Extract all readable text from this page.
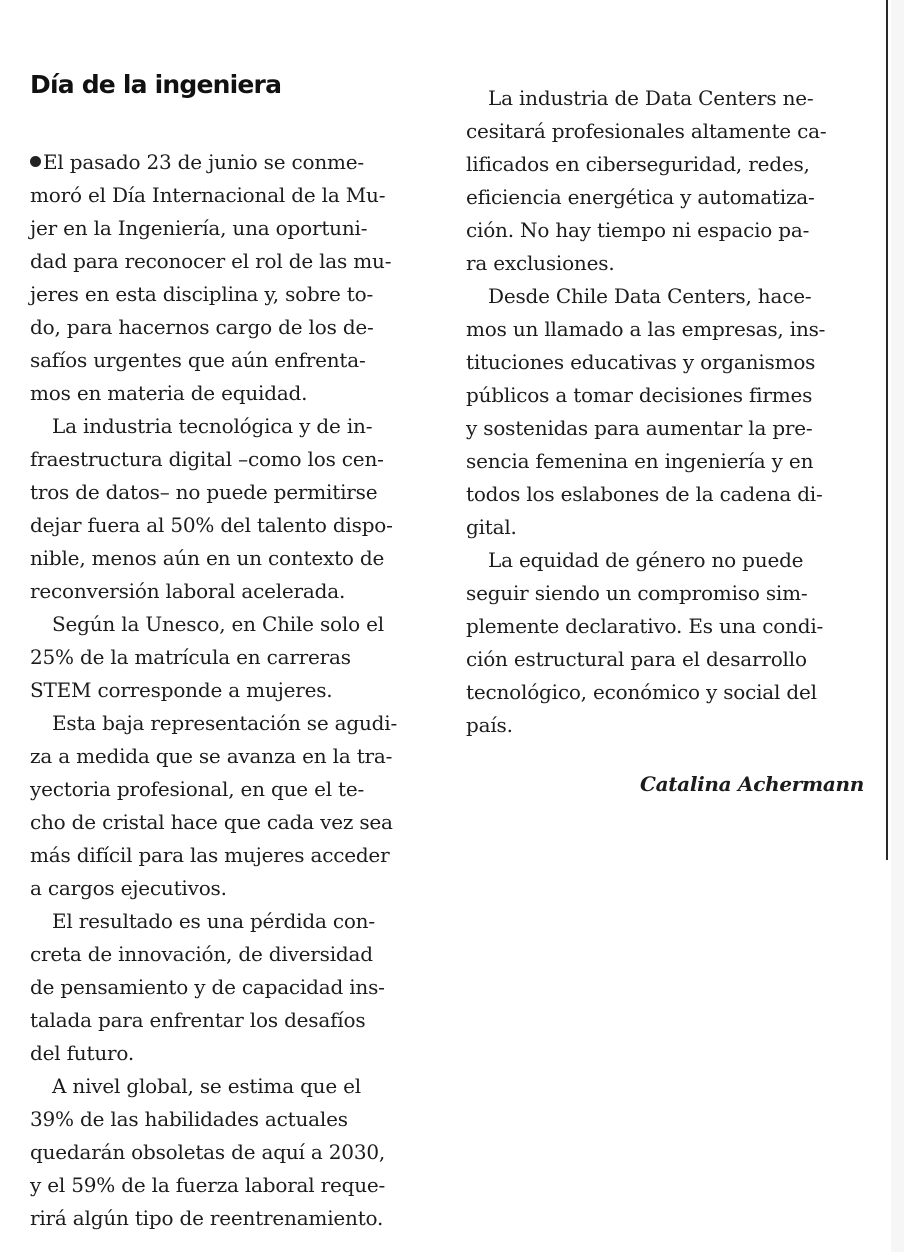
Día de la ingeniera
El pasado 23 de junio se conme-
moró el Día Internacional de la Mu-
jer en la Ingeniería, una oportuni-
dad para reconocer el rol de las mu-
jeres en esta disciplina y, sobre to-
do, para hacernos cargo de los de-
safíos urgentes que aún enfrenta-
mos en materia de equidad.
La industria tecnológica y de in-
fraestructura digital –como los cen-
tros de datos– no puede permitirse
dejar fuera al 50% del talento dispo-
nible, menos aún en un contexto de
reconversión laboral acelerada.
Según la Unesco, en Chile solo el
25% de la matrícula en carreras
STEM corresponde a mujeres.
Esta baja representación se agudi-
za a medida que se avanza en la tra-
yectoria profesional, en que el te-
cho de cristal hace que cada vez sea
más difícil para las mujeres acceder
a cargos ejecutivos.
El resultado es una pérdida con-
creta de innovación, de diversidad
de pensamiento y de capacidad ins-
talada para enfrentar los desafíos
del futuro.
A nivel global, se estima que el
39% de las habilidades actuales
quedarán obsoletas de aquí a 2030,
y el 59% de la fuerza laboral reque-
rirá algún tipo de reentrenamiento.
La industria de Data Centers ne-
cesitará profesionales altamente ca-
lificados en ciberseguridad, redes,
eficiencia energética y automatiza-
ción. No hay tiempo ni espacio pa-
ra exclusiones.
Desde Chile Data Centers, hace-
mos un llamado a las empresas, ins-
tituciones educativas y organismos
públicos a tomar decisiones firmes
y sostenidas para aumentar la pre-
sencia femenina en ingeniería y en
todos los eslabones de la cadena di-
gital.
La equidad de género no puede
seguir siendo un compromiso sim-
plemente declarativo. Es una condi-
ción estructural para el desarrollo
tecnológico, económico y social del
país.
Catalina Achermann
